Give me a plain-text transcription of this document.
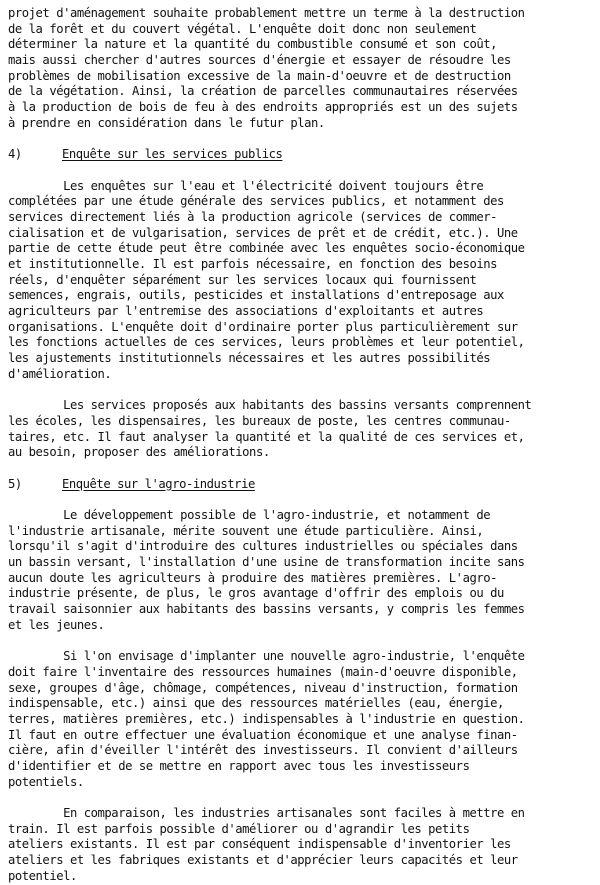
projet d'aménagement souhaite probablement mettre un terme à la destruction
de la forêt et du couvert végétal. L'enquête doit donc non seulement
déterminer la nature et la quantité du combustible consumé et son coût,
mais aussi chercher d'autres sources d'énergie et essayer de résoudre les
problèmes de mobilisation excessive de la main-d'oeuvre et de destruction
de la végétation. Ainsi, la création de parcelles communautaires réservées
à la production de bois de feu à des endroits appropriés est un des sujets
à prendre en considération dans le futur plan.
4)	Enquête sur les services publics
Les enquêtes sur l'eau et l'électricité doivent toujours être
complétées par une étude générale des services publics, et notamment des
services directement liés à la production agricole (services de commer-
cialisation et de vulgarisation, services de prêt et de crédit, etc.). Une
partie de cette étude peut être combinée avec les enquêtes socio-économique
et institutionnelle. Il est parfois nécessaire, en fonction des besoins
réels, d'enquêter séparément sur les services locaux qui fournissent
semences, engrais, outils, pesticides et installations d'entreposage aux
agriculteurs par l'entremise des associations d'exploitants et autres
organisations. L'enquête doit d'ordinaire porter plus particulièrement sur
les fonctions actuelles de ces services, leurs problèmes et leur potentiel,
les ajustements institutionnels nécessaires et les autres possibilités
d'amélioration.
Les services proposés aux habitants des bassins versants comprennent
les écoles, les dispensaires, les bureaux de poste, les centres communau-
taires, etc. Il faut analyser la quantité et la qualité de ces services et,
au besoin, proposer des améliorations.
5)	Enquête sur l'agro-industrie
Le développement possible de l'agro-industrie, et notamment de
l'industrie artisanale, mérite souvent une étude particulière. Ainsi,
lorsqu'il s'agit d'introduire des cultures industrielles ou spéciales dans
un bassin versant, l'installation d'une usine de transformation incite sans
aucun doute les agriculteurs à produire des matières premières. L'agro-
industrie présente, de plus, le gros avantage d'offrir des emplois ou du
travail saisonnier aux habitants des bassins versants, y compris les femmes
et les jeunes.
Si l'on envisage d'implanter une nouvelle agro-industrie, l'enquête
doit faire l'inventaire des ressources humaines (main-d'oeuvre disponible,
sexe, groupes d'âge, chômage, compétences, niveau d'instruction, formation
indispensable, etc.) ainsi que des ressources matérielles (eau, énergie,
terres, matières premières, etc.) indispensables à l'industrie en question.
Il faut en outre effectuer une évaluation économique et une analyse finan-
cière, afin d'éveiller l'intérêt des investisseurs. Il convient d'ailleurs
d'identifier et de se mettre en rapport avec tous les investisseurs
potentiels.
En comparaison, les industries artisanales sont faciles à mettre en
train. Il est parfois possible d'améliorer ou d'agrandir les petits
ateliers existants. Il est par conséquent indispensable d'inventorier les
ateliers et les fabriques existants et d'apprécier leurs capacités et leur
potentiel.
